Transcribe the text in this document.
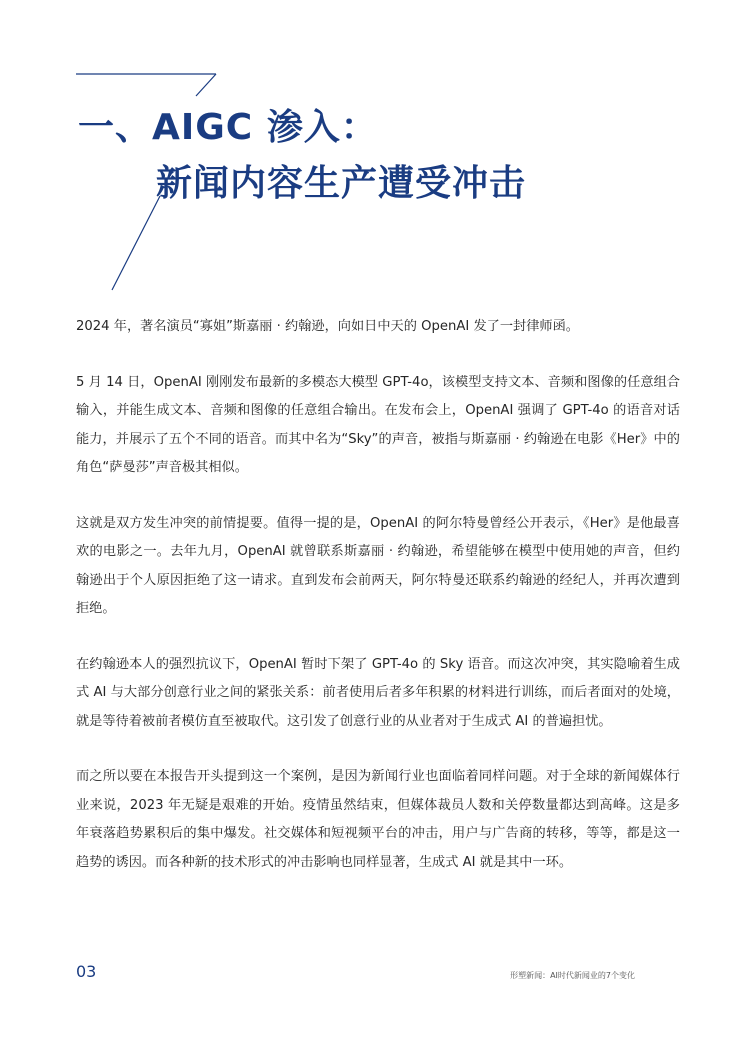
一、AIGC 渗入：
新闻内容生产遭受冲击

2024 年，著名演员“寡姐”斯嘉丽 · 约翰逊，向如日中天的 OpenAI 发了一封律师函。

5 月 14 日，OpenAI 刚刚发布最新的多模态大模型 GPT-4o，该模型支持文本、音频和图像的任意组合输入，并能生成文本、音频和图像的任意组合输出。在发布会上，OpenAI 强调了 GPT-4o 的语音对话能力，并展示了五个不同的语音。而其中名为“Sky”的声音，被指与斯嘉丽 · 约翰逊在电影《Her》中的角色“萨曼莎”声音极其相似。

这就是双方发生冲突的前情提要。值得一提的是，OpenAI 的阿尔特曼曾经公开表示，《Her》是他最喜欢的电影之一。去年九月，OpenAI 就曾联系斯嘉丽 · 约翰逊，希望能够在模型中使用她的声音，但约翰逊出于个人原因拒绝了这一请求。直到发布会前两天，阿尔特曼还联系约翰逊的经纪人，并再次遭到拒绝。

在约翰逊本人的强烈抗议下，OpenAI 暂时下架了 GPT-4o 的 Sky 语音。而这次冲突，其实隐喻着生成式 AI 与大部分创意行业之间的紧张关系：前者使用后者多年积累的材料进行训练，而后者面对的处境，就是等待着被前者模仿直至被取代。这引发了创意行业的从业者对于生成式 AI 的普遍担忧。

而之所以要在本报告开头提到这一个案例，是因为新闻行业也面临着同样问题。对于全球的新闻媒体行业来说，2023 年无疑是艰难的开始。疫情虽然结束，但媒体裁员人数和关停数量都达到高峰。这是多年衰落趋势累积后的集中爆发。社交媒体和短视频平台的冲击，用户与广告商的转移，等等，都是这一趋势的诱因。而各种新的技术形式的冲击影响也同样显著，生成式 AI 就是其中一环。

03	形塑新闻：AI时代新闻业的7个变化
